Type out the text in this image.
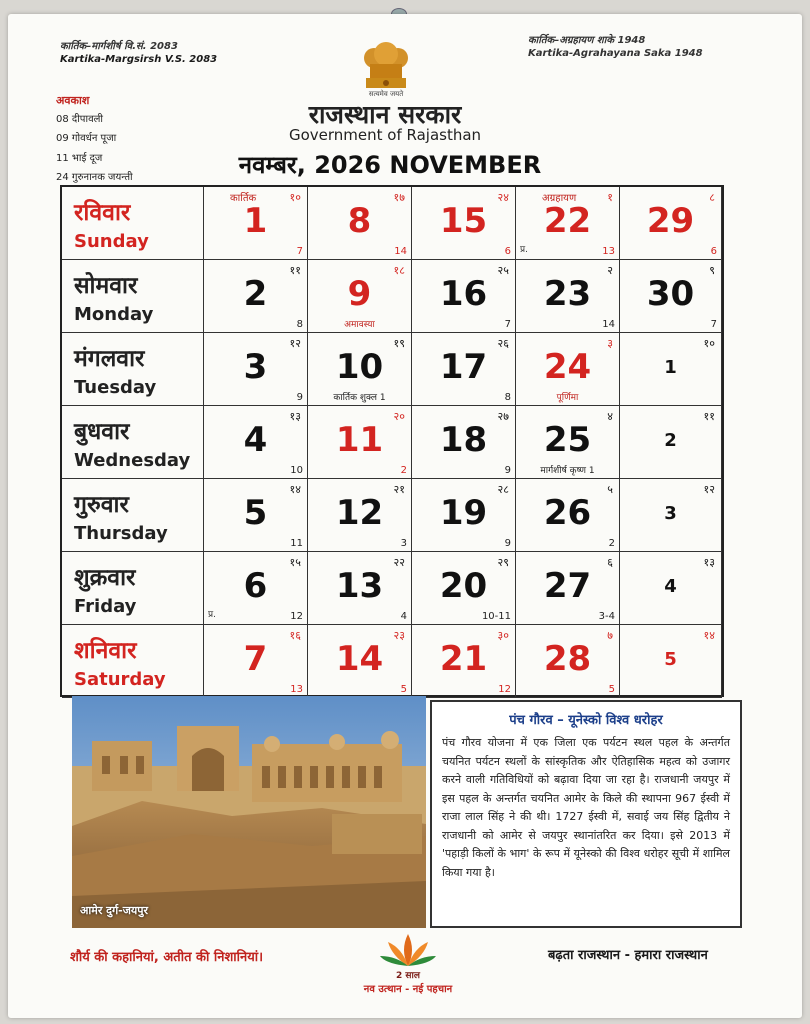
कार्तिक–मार्गशीर्ष वि.सं. 2083
Kartika-Margsirsh V.S. 2083
कार्तिक–अग्रहायण शाके 1948
Kartika-Agrahayana Saka 1948
सत्यमेव जयते
राजस्थान सरकार
Government of Rajasthan
नवम्बर, 2026 NOVEMBER
अवकाश
08 दीपावली
09 गोवर्धन पूजा
11 भाई दूज
24 गुरुनानक जयन्ती
रविवार
Sunday
1
१०
कार्तिक
7
8
१७
14
15
२४
6
22
१
अग्रहायण
13
प्र.
29
८
6
सोमवार
Monday
2
११
8
9
१८
अमावस्या
16
२५
7
23
२
14
30
९
7
मंगलवार
Tuesday
3
१२
9
10
१९
कार्तिक शुक्ल 1
17
२६
8
24
३
पूर्णिमा
1
१०
बुधवार
Wednesday
4
१३
10
11
२०
2
18
२७
9
25
४
मार्गशीर्ष कृष्ण 1
2
११
गुरुवार
Thursday
5
१४
11
12
२१
3
19
२८
9
26
५
2
3
१२
शुक्रवार
Friday
6
१५
12
प्र.
13
२२
4
20
२९
10-11
27
६
3-4
4
१३
शनिवार
Saturday
7
१६
13
14
२३
5
21
३०
12
28
७
5
5
१४
आमेर दुर्ग-जयपुर
पंच गौरव – यूनेस्को विश्व धरोहर
पंच गौरव योजना में एक जिला एक पर्यटन स्थल पहल के अन्तर्गत चयनित पर्यटन स्थलों के सांस्कृतिक और ऐतिहासिक महत्व को उजागर करने वाली गतिविधियों को बढ़ावा दिया जा रहा है। राजधानी जयपुर में इस पहल के अन्तर्गत चयनित आमेर के किले की स्थापना 967 ईस्वी में राजा लाल सिंह ने की थी। 1727 ईस्वी में, सवाई जय सिंह द्वितीय ने राजधानी को आमेर से जयपुर स्थानांतरित कर दिया। इसे 2013 में 'पहाड़ी किलों के भाग' के रूप में यूनेस्को की विश्व धरोहर सूची में शामिल किया गया है।
शौर्य की कहानियां, अतीत की निशानियां।
2 साल
नव उत्थान - नई पहचान
बढ़ता राजस्थान - हमारा राजस्थान
